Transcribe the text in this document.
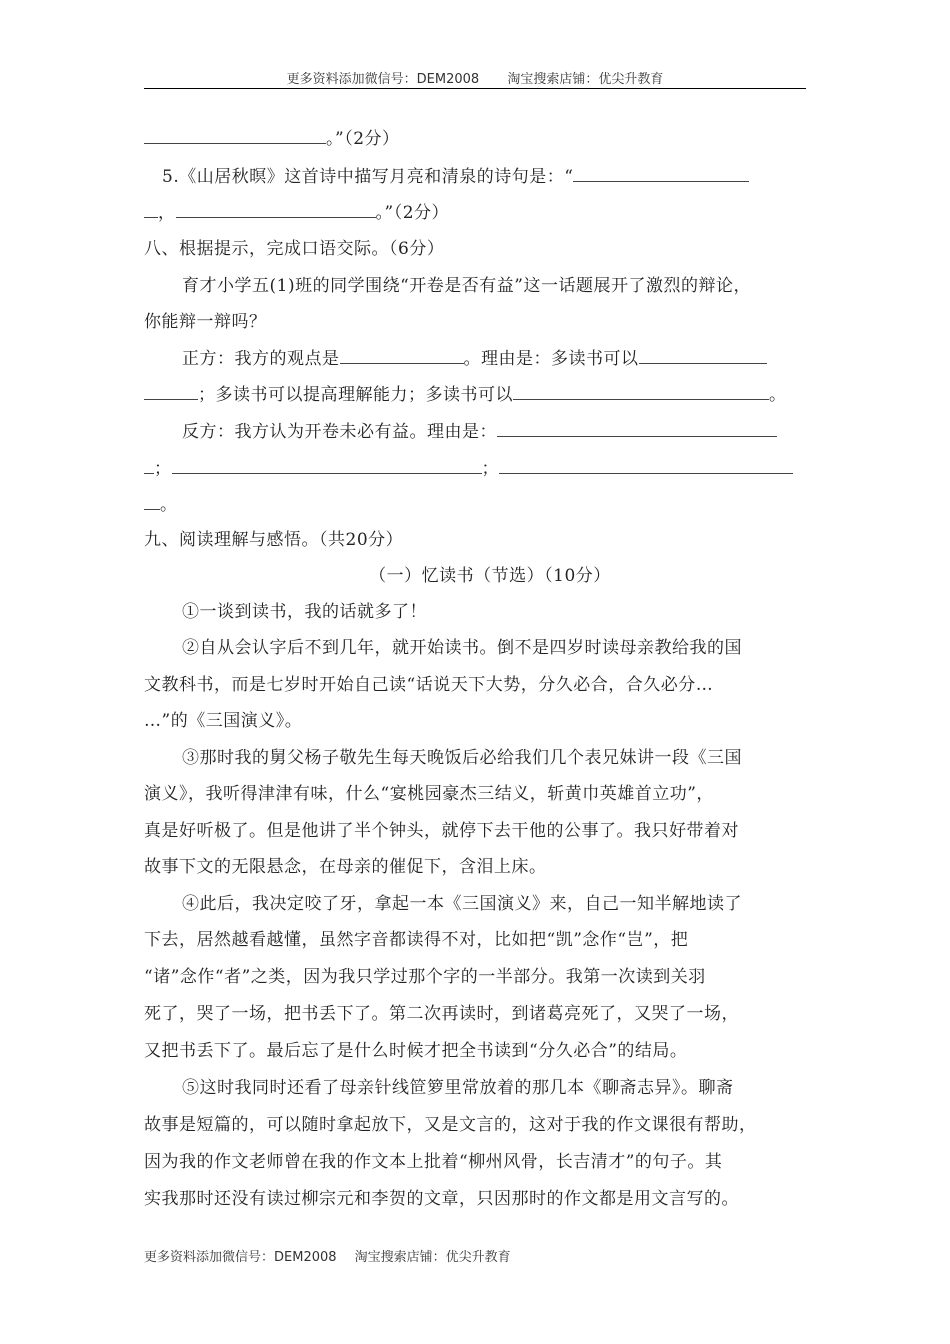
更多资料添加微信号：DEM2008 淘宝搜索店铺：优尖升教育
。”（2分）
5.《山居秋暝》这首诗中描写月亮和清泉的诗句是：“
，	。”（2分）
八、根据提示，完成口语交际。（6分）
育才小学五(1)班的同学围绕“开卷是否有益”这一话题展开了激烈的辩论，
你能辩一辩吗？
正方：我方的观点是	。理由是：多读书可以
；多读书可以提高理解能力；多读书可以	。
反方：我方认为开卷未必有益。理由是：
；	；
。
九、阅读理解与感悟。（共20分）
（一）忆读书（节选）（10分）
①一谈到读书，我的话就多了！
②自从会认字后不到几年，就开始读书。倒不是四岁时读母亲教给我的国
文教科书，而是七岁时开始自己读“话说天下大势，分久必合，合久必分…
…”的《三国演义》。
③那时我的舅父杨子敬先生每天晚饭后必给我们几个表兄妹讲一段《三国
演义》，我听得津津有味，什么“宴桃园豪杰三结义，斩黄巾英雄首立功”，
真是好听极了。但是他讲了半个钟头，就停下去干他的公事了。我只好带着对
故事下文的无限悬念，在母亲的催促下，含泪上床。
④此后，我决定咬了牙，拿起一本《三国演义》来，自己一知半解地读了
下去，居然越看越懂，虽然字音都读得不对，比如把“凯”念作“岂”，把
“诸”念作“者”之类，因为我只学过那个字的一半部分。我第一次读到关羽
死了，哭了一场，把书丢下了。第二次再读时，到诸葛亮死了，又哭了一场，
又把书丢下了。最后忘了是什么时候才把全书读到“分久必合”的结局。
⑤这时我同时还看了母亲针线笸箩里常放着的那几本《聊斋志异》。聊斋
故事是短篇的，可以随时拿起放下，又是文言的，这对于我的作文课很有帮助，
因为我的作文老师曾在我的作文本上批着“柳州风骨，长吉清才”的句子。其
实我那时还没有读过柳宗元和李贺的文章，只因那时的作文都是用文言写的。
更多资料添加微信号：DEM2008 淘宝搜索店铺：优尖升教育
